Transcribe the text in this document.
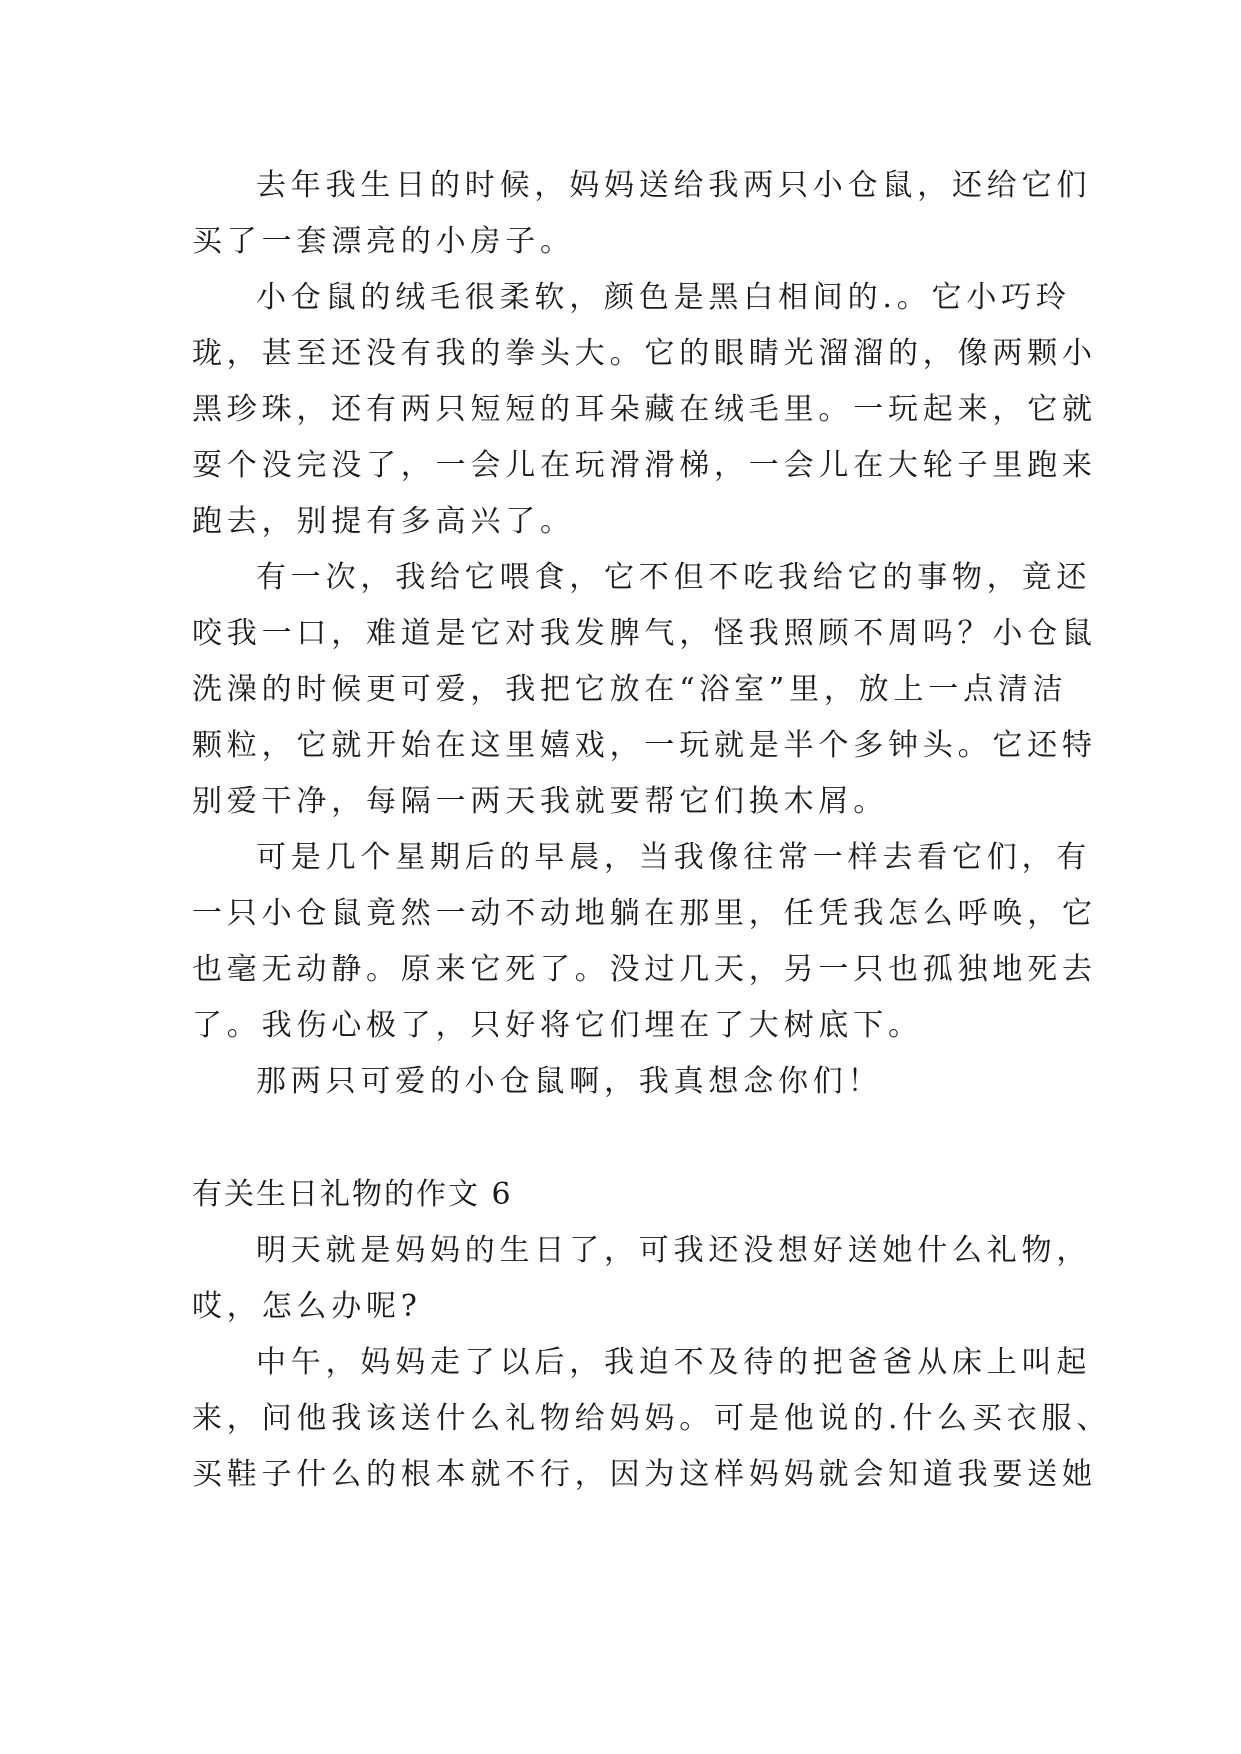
去年我生日的时候，妈妈送给我两只小仓鼠，还给它们
买了一套漂亮的小房子。
小仓鼠的绒毛很柔软，颜色是黑白相间的.。它小巧玲
珑，甚至还没有我的拳头大。它的眼睛光溜溜的，像两颗小
黑珍珠，还有两只短短的耳朵藏在绒毛里。一玩起来，它就
耍个没完没了，一会儿在玩滑滑梯，一会儿在大轮子里跑来
跑去，别提有多高兴了。
有一次，我给它喂食，它不但不吃我给它的事物，竟还
咬我一口，难道是它对我发脾气，怪我照顾不周吗？小仓鼠
洗澡的时候更可爱，我把它放在“浴室”里，放上一点清洁
颗粒，它就开始在这里嬉戏，一玩就是半个多钟头。它还特
别爱干净，每隔一两天我就要帮它们换木屑。
可是几个星期后的早晨，当我像往常一样去看它们，有
一只小仓鼠竟然一动不动地躺在那里，任凭我怎么呼唤，它
也毫无动静。原来它死了。没过几天，另一只也孤独地死去
了。我伤心极了，只好将它们埋在了大树底下。
那两只可爱的小仓鼠啊，我真想念你们！
有关生日礼物的作文 6
明天就是妈妈的生日了，可我还没想好送她什么礼物，
哎，怎么办呢?
中午，妈妈走了以后，我迫不及待的把爸爸从床上叫起
来，问他我该送什么礼物给妈妈。可是他说的.什么买衣服、
买鞋子什么的根本就不行，因为这样妈妈就会知道我要送她
